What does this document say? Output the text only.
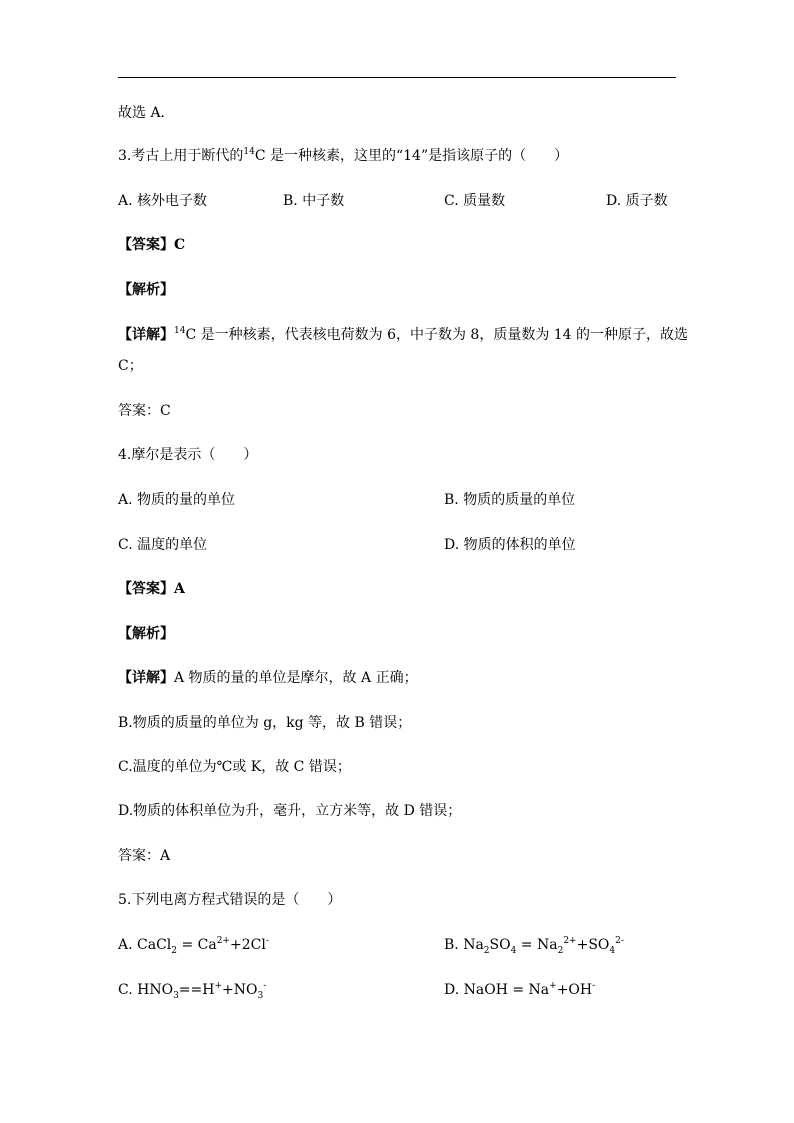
故选 A．
3.考古上用于断代的$^{14}$C 是一种核素，这里的“14”是指该原子的（　　）
A. 核外电子数	B. 中子数	C. 质量数	D. 质子数
【答案】C
【解析】
【详解】$^{14}$C 是一种核素，代表核电荷数为 6，中子数为 8，质量数为 14 的一种原子，故选
C；
答案：C
4.摩尔是表示（　　）
A. 物质的量的单位	B. 物质的质量的单位
C. 温度的单位	D. 物质的体积的单位
【答案】A
【解析】
【详解】A 物质的量的单位是摩尔，故 A 正确；
B.物质的质量的单位为 g，kg 等，故 B 错误；
C.温度的单位为℃或 K，故 C 错误；
D.物质的体积单位为升，毫升，立方米等，故 D 错误；
答案：A
5.下列电离方程式错误的是（　　）
A. CaCl$_2$ = $Ca^{2+}+2Cl^-$	B. $Na_2SO_4 = Na_2^{2+}+SO_4^{2-}$
C. $HNO_3==H^++NO_3^-$	D. NaOH = Na++OH-
